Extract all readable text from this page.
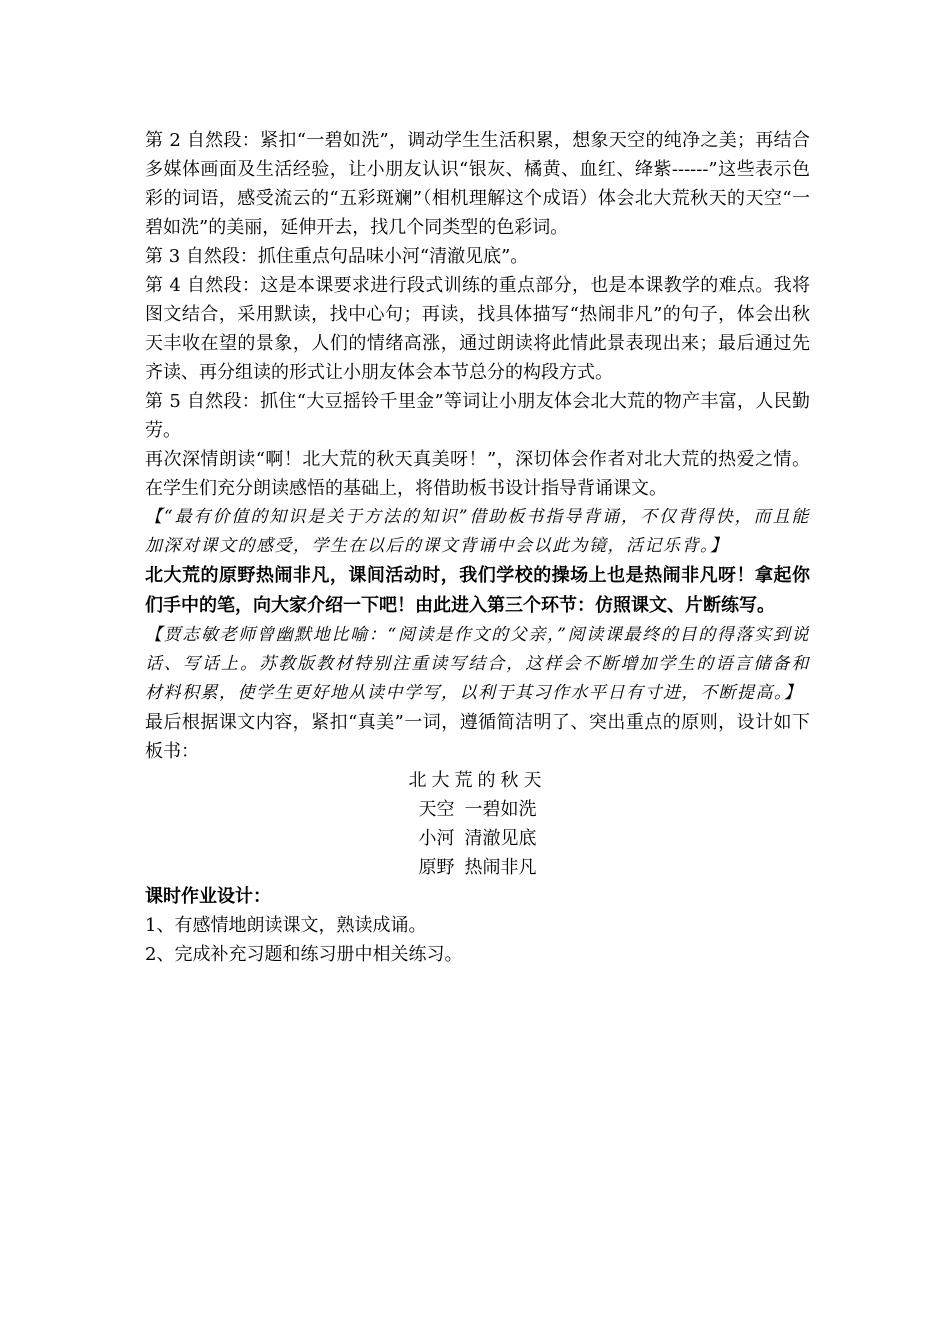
第 2 自然段：紧扣“一碧如洗”，调动学生生活积累，想象天空的纯净之美；再结合多媒体画面及生活经验，让小朋友认识“银灰、橘黄、血红、绛紫------”这些表示色彩的词语，感受流云的“五彩斑斓”（相机理解这个成语）体会北大荒秋天的天空“一碧如洗”的美丽，延伸开去，找几个同类型的色彩词。

第 3 自然段：抓住重点句品味小河“清澈见底”。

第 4 自然段：这是本课要求进行段式训练的重点部分，也是本课教学的难点。我将图文结合，采用默读，找中心句；再读，找具体描写“热闹非凡”的句子，体会出秋天丰收在望的景象，人们的情绪高涨，通过朗读将此情此景表现出来；最后通过先齐读、再分组读的形式让小朋友体会本节总分的构段方式。

第 5 自然段：抓住“大豆摇铃千里金”等词让小朋友体会北大荒的物产丰富，人民勤劳。

再次深情朗读“啊！北大荒的秋天真美呀！”，深切体会作者对北大荒的热爱之情。在学生们充分朗读感悟的基础上，将借助板书设计指导背诵课文。

【“最有价值的知识是关于方法的知识”借助板书指导背诵，不仅背得快，而且能加深对课文的感受，学生在以后的课文背诵中会以此为镜，活记乐背。】

北大荒的原野热闹非凡，课间活动时，我们学校的操场上也是热闹非凡呀！拿起你们手中的笔，向大家介绍一下吧！由此进入第三个环节：仿照课文、片断练写。

【贾志敏老师曾幽默地比喻：“阅读是作文的父亲，”阅读课最终的目的得落实到说话、写话上。苏教版教材特别注重读写结合，这样会不断增加学生的语言储备和材料积累，使学生更好地从读中学写，以利于其习作水平日有寸进，不断提高。】

最后根据课文内容，紧扣“真美”一词，遵循简洁明了、突出重点的原则，设计如下板书：

北大荒的秋天
天空 一碧如洗
小河 清澈见底
原野 热闹非凡

课时作业设计：

1、有感情地朗读课文，熟读成诵。

2、完成补充习题和练习册中相关练习。
